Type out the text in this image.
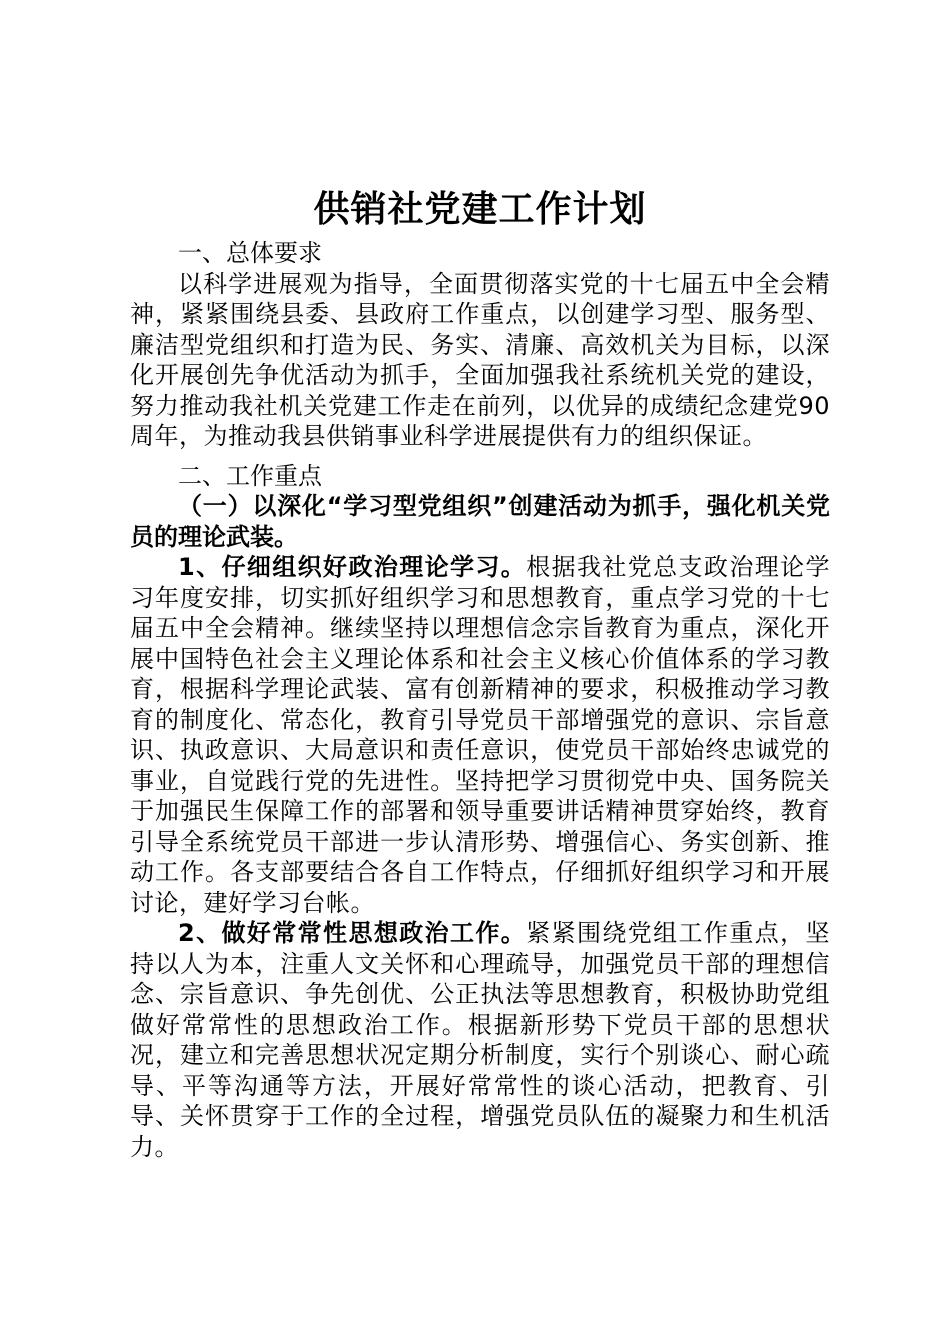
供销社党建工作计划

一、总体要求

以科学进展观为指导，全面贯彻落实党的十七届五中全会精神，紧紧围绕县委、县政府工作重点，以创建学习型、服务型、廉洁型党组织和打造为民、务实、清廉、高效机关为目标，以深化开展创先争优活动为抓手，全面加强我社系统机关党的建设，努力推动我社机关党建工作走在前列，以优异的成绩纪念建党90周年，为推动我县供销事业科学进展提供有力的组织保证。

二、工作重点

（一）以深化“学习型党组织”创建活动为抓手，强化机关党员的理论武装。

1、仔细组织好政治理论学习。根据我社党总支政治理论学习年度安排，切实抓好组织学习和思想教育，重点学习党的十七届五中全会精神。继续坚持以理想信念宗旨教育为重点，深化开展中国特色社会主义理论体系和社会主义核心价值体系的学习教育，根据科学理论武装、富有创新精神的要求，积极推动学习教育的制度化、常态化，教育引导党员干部增强党的意识、宗旨意识、执政意识、大局意识和责任意识，使党员干部始终忠诚党的事业，自觉践行党的先进性。坚持把学习贯彻党中央、国务院关于加强民生保障工作的部署和领导重要讲话精神贯穿始终，教育引导全系统党员干部进一步认清形势、增强信心、务实创新、推动工作。各支部要结合各自工作特点，仔细抓好组织学习和开展讨论，建好学习台帐。

2、做好常常性思想政治工作。紧紧围绕党组工作重点，坚持以人为本，注重人文关怀和心理疏导，加强党员干部的理想信念、宗旨意识、争先创优、公正执法等思想教育，积极协助党组做好常常性的思想政治工作。根据新形势下党员干部的思想状况，建立和完善思想状况定期分析制度，实行个别谈心、耐心疏导、平等沟通等方法，开展好常常性的谈心活动，把教育、引导、关怀贯穿于工作的全过程，增强党员队伍的凝聚力和生机活力。
